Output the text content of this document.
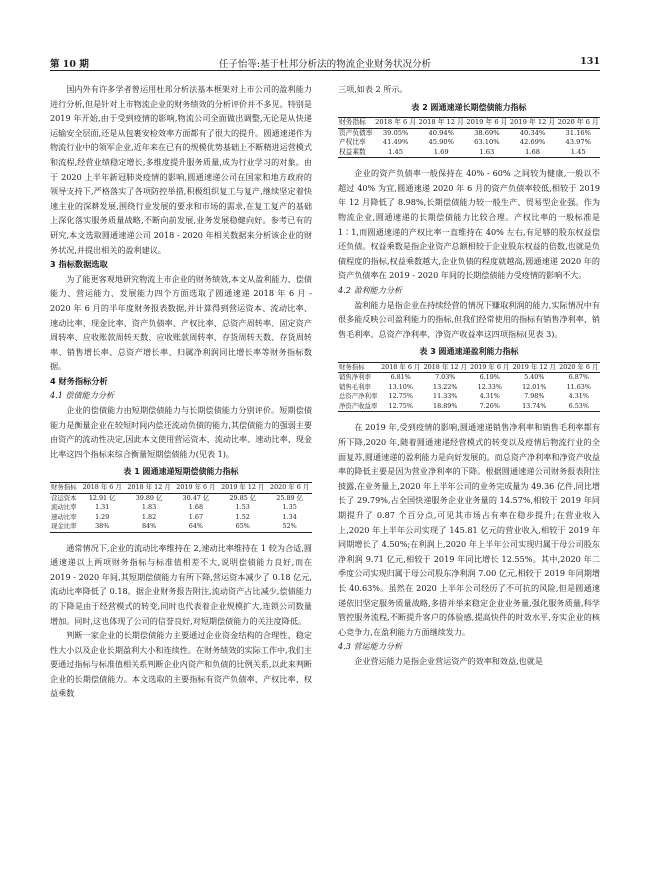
第 10 期	任子怡等:基于杜邦分析法的物流企业财务状况分析	131

国内外有许多学者曾运用杜邦分析法基本框架对上市公司的盈利能力进行分析,但是针对上市物流企业的财务绩效的分析评价并不多见。特别是 2019 年开始,由于受到疫情的影响,物流公司全面做出调整,无论是从快递运输安全层面,还是从包裹安检效率方面都有了很大的提升。圆通速递作为物流行业中的领军企业,近年来在已有的规模优势基础上不断精进运营模式和流程,经营业绩稳定增长,多维度提升服务质量,成为行业学习的对象。由于 2020 上半年新冠肺炎疫情的影响,圆通速递公司在国家和地方政府的领导支持下,严格落实了各项防控举措,积极组织复工与复产,继续坚定着快速主业的深耕发展,围绕行业发展的要求和市场的需求,在复工复产的基础上深化落实服务质量战略,不断向前发展,业务发展稳健向好。参考已有的研究,本文选取圆通速递公司 2018 - 2020 年相关数据来分析该企业的财务状况,并提出相关的盈利建议。

3 指标数据选取

为了能更客观地研究物流上市企业的财务绩效,本文从盈利能力、偿债能力、营运能力、发展能力四个方面选取了圆通速递 2018 年 6 月 - 2020 年 6 月的半年度财务报表数据,并计算得到营运资本、流动比率、速动比率、现金比率、资产负债率、产权比率、总资产周转率、固定资产周转率、应收账款周转天数、应收账款周转率、存货周转天数、存货周转率、销售增长率、总资产增长率、归属净利润同比增长率等财务指标数据。

4 财务指标分析
4.1 偿债能力分析

企业的偿债能力由短期偿债能力与长期偿债能力分别评价。短期偿债能力是衡量企业在较短时间内偿还流动负债的能力,其偿债能力的强弱主要由资产的流动性决定,因此本文使用营运资本、流动比率、速动比率、现金比率这四个指标来综合衡量短期偿债能力(见表 1)。

表 1 圆通速递短期偿债能力指标
财务指标	2018 年 6 月	2018 年 12 月	2019 年 6 月	2019 年 12 月	2020 年 6 月
营运资本	12.91 亿	39.89 亿	30.47 亿	29.85 亿	25.89 亿
流动比率	1.31	1.83	1.68	1.53	1.35
速动比率	1.29	1.82	1.67	1.52	1.34
现金比率	38%	84%	64%	65%	52%

通常情况下,企业的流动比率维持在 2,速动比率维持在 1 较为合适,圆通速递以上两项财务指标与标准值相差不大,说明偿债能力良好,而在 2019 - 2020 年间,其短期偿债能力有所下降,营运资本减少了 0.18 亿元,流动比率降低了 0.18。据企业财务报告附注,流动资产占比减少,偿债能力的下降是由于经营模式的转变,同时也代表着企业规模扩大,连锁公司数量增加。同时,这也体现了公司的信誉良好,对短期偿债能力的关注度降低。

判断一家企业的长期偿债能力主要通过企业资金结构的合理性、稳定性大小以及企业长期盈利大小和连续性。在财务绩效的实际工作中,我们主要通过指标与标准值相关系判断企业内资产和负债的比例关系,以此来判断企业的长期偿债能力。本文选取的主要指标有资产负债率、产权比率、权益乘数

三项,如表 2 所示。

表 2 圆通速递长期偿债能力指标
财务指标	2018 年 6 月	2018 年 12 月	2019 年 6 月	2019 年 12 月	2020 年 6 月
资产负债率	39.05%	40.94%	38.69%	40.34%	31.16%
产权比率	41.49%	45.90%	63.10%	42.69%	43.97%
权益乘数	1.45	1.69	1.63	1.68	1.45

企业的资产负债率一般保持在 40% - 60% 之间较为健康,一般以不超过 40% 为宜,圆通速递 2020 年 6 月的资产负债率较低,相较于 2019 年 12 月降低了 8.98%,长期偿债能力较一般生产、贸易型企业强。作为物流企业,圆通速递的长期偿债能力比较合理。产权比率的一般标准是 1∶1,而圆通速递的产权比率一直维持在 40% 左右,有足够的股东权益偿还负债。权益乘数是指企业资产总额相较于企业股东权益的倍数,也就是负债程度的指标,权益乘数越大,企业负债的程度就越高,圆通速递 2020 年的资产负债率在 2019 - 2020 年间的长期偿债能力受疫情的影响不大。

4.2 盈利能力分析

盈利能力是指企业在持续经营的情况下赚取利润的能力,实际情况中有很多能反映公司盈利能力的指标,但我们经常使用的指标有销售净利率、销售毛利率、总资产净利率、净资产收益率这四项指标(见表 3)。

表 3 圆通速递盈利能力指标
财务指标	2018 年 6 月	2018 年 12 月	2019 年 6 月	2019 年 12 月	2020 年 6 月
销售净利率	6.81%	7.03%	6.19%	5.40%	6.87%
销售毛利率	13.10%	13.22%	12.33%	12.01%	11.63%
总资产净利率	12.75%	11.33%	4.31%	7.98%	4.31%
净资产收益率	12.75%	18.89%	7.26%	13.74%	6.53%

在 2019 年,受到疫情的影响,圆通速递销售净利率和销售毛利率都有所下降,2020 年,随着圆通速递经营模式的转变以及疫情后物流行业的全面复苏,圆通速递的盈利能力是向好发展的。而总资产净利率和净资产收益率的降低主要是因为营业净利率的下降。根据圆通速递公司财务报表附注披露,在业务量上,2020 年上半年公司的业务完成量为 49.36 亿件,同比增长了 29.79%,占全国快递服务企业业务量的 14.57%,相较于 2019 年同期提升了 0.87 个百分点,可见其市场占有率在稳步提升;在营业收入上,2020 年上半年公司实现了 145.81 亿元的营业收入,相较于 2019 年同期增长了 4.50%;在利润上,2020 年上半年公司实现归属于母公司股东净利润 9.71 亿元,相较于 2019 年同比增长 12.55%。其中,2020 年二季度公司实现归属于母公司股东净利润 7.00 亿元,相较于 2019 年同期增长 40.63%。虽然在 2020 上半年公司经历了不可抗的风险,但是圆通速递依旧坚定服务质量战略,多措并举来稳定企业业务量,强化服务质量,科学管控服务流程,不断提升客户的体验感,提高快件的时效水平,夯实企业的核心竞争力,在盈利能力方面继续发力。

4.3 营运能力分析

企业营运能力是指企业营运资产的效率和效益,也就是
